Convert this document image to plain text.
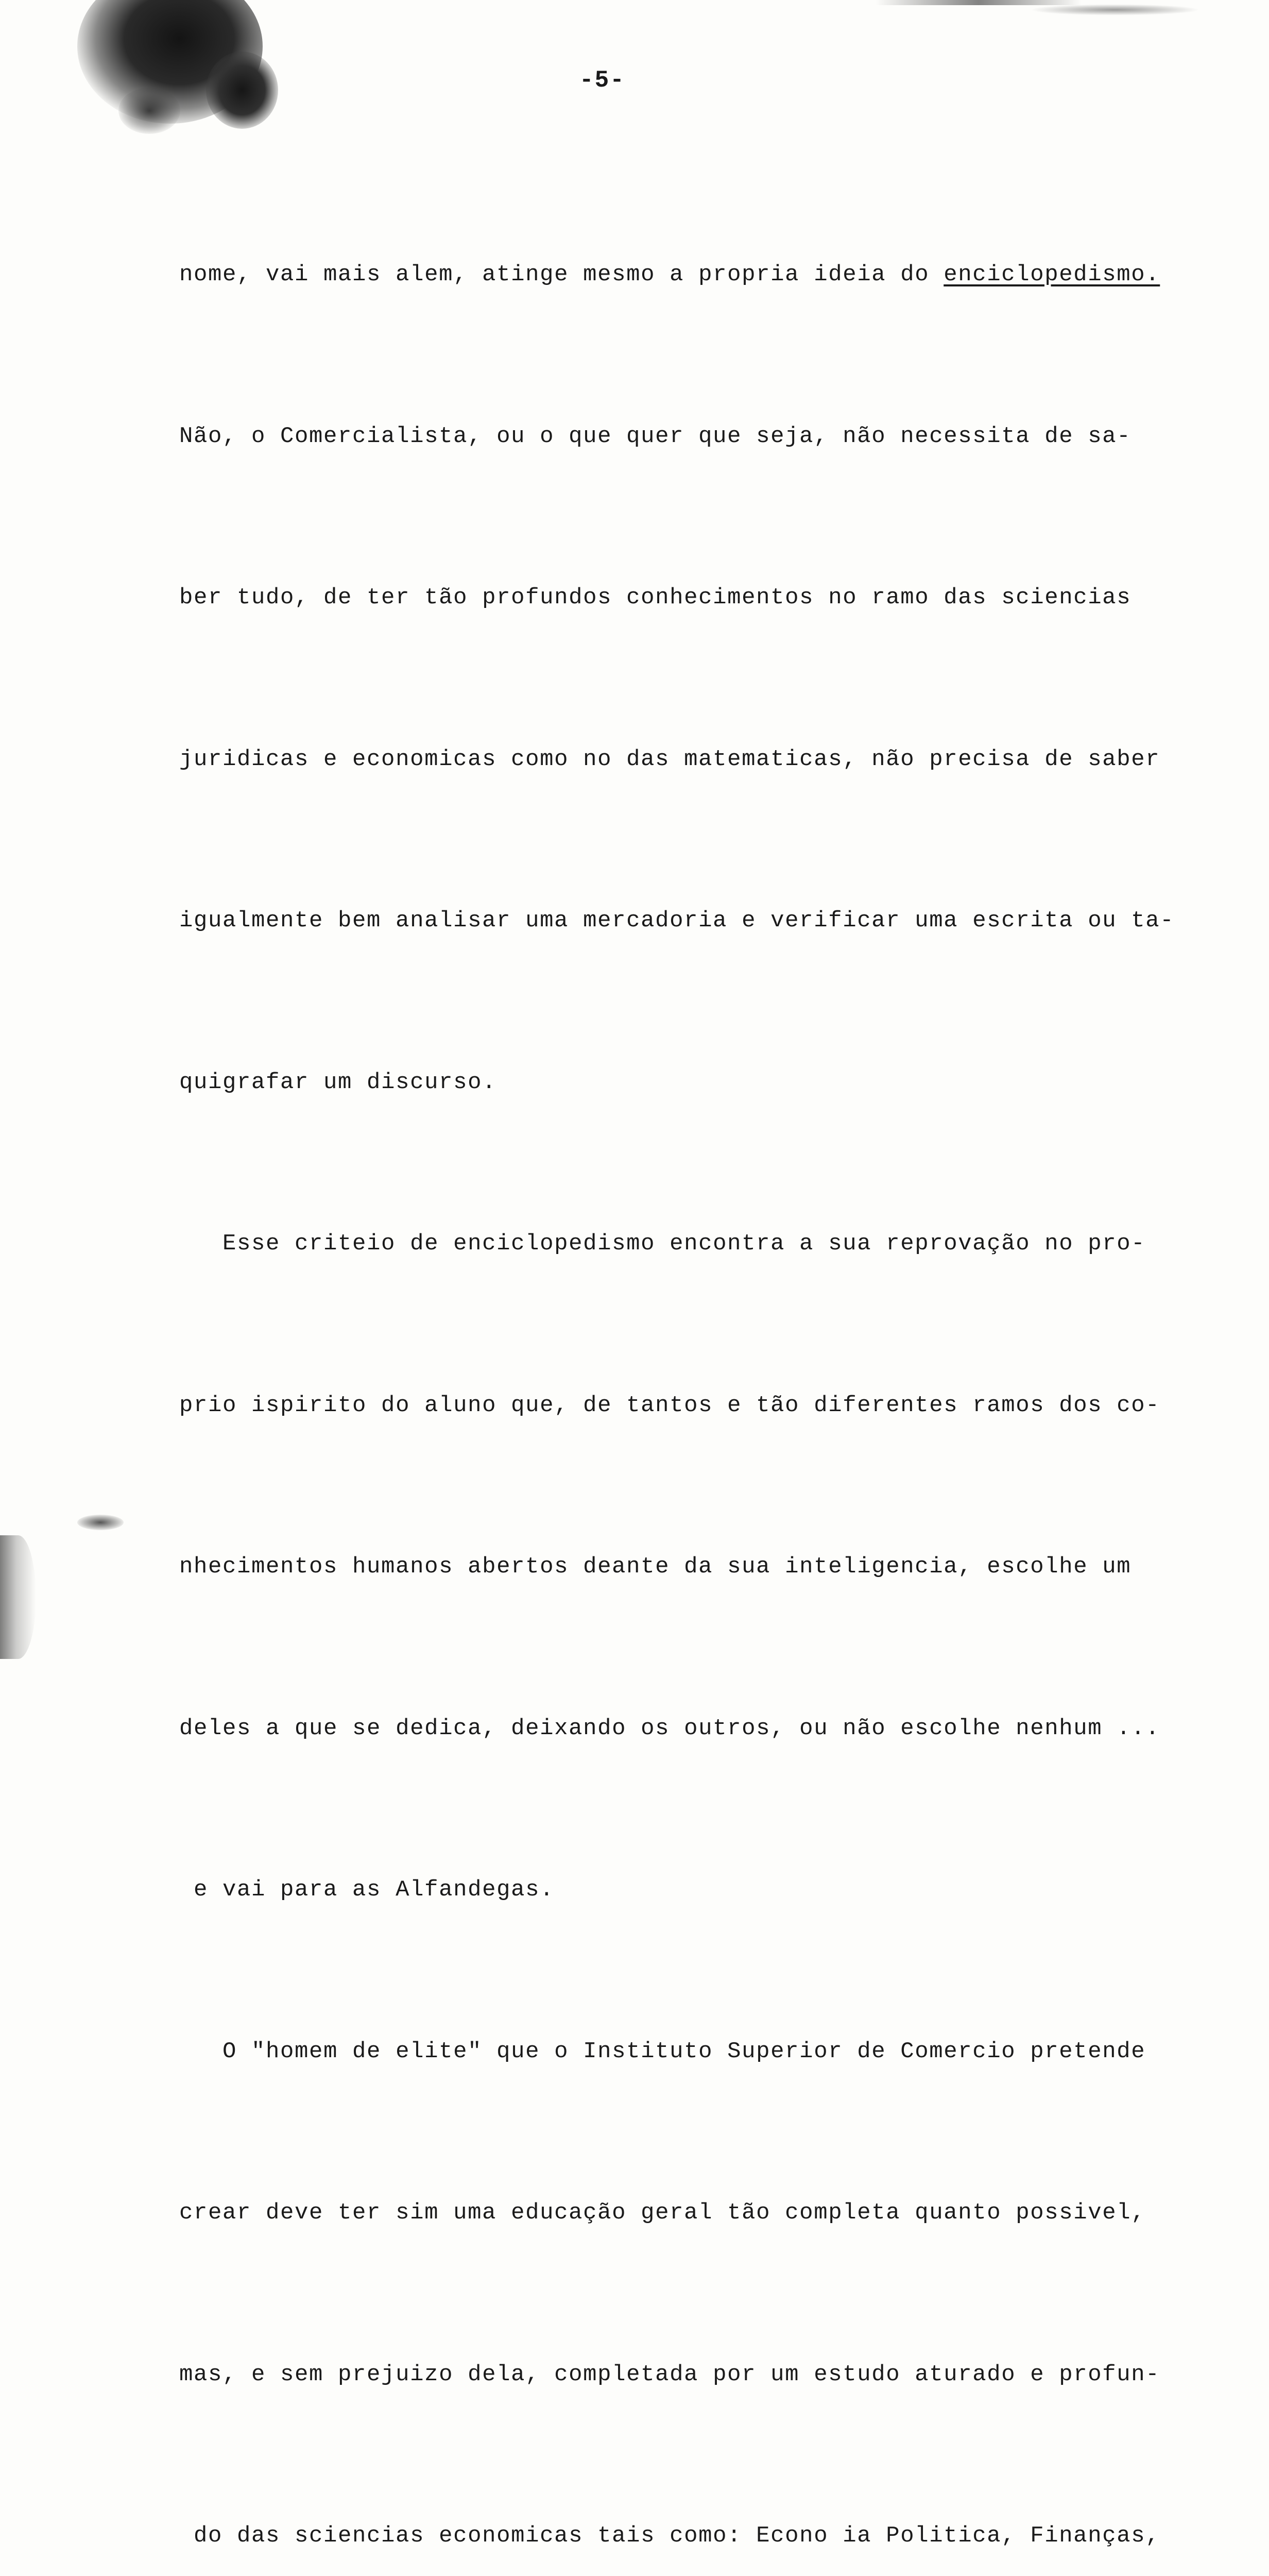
-5-

nome, vai mais alem, atinge mesmo a propria ideia do enciclopedismo.

Não, o Comercialista, ou o que quer que seja, não necessita de sa-

ber tudo, de ter tão profundos conhecimentos no ramo das sciencias

juridicas e economicas como no das matematicas, não precisa de saber

igualmente bem analisar uma mercadoria e verificar uma escrita ou ta-

quigrafar um discurso.

Esse criteio de enciclopedismo encontra a sua reprovação no pro-

prio ispirito do aluno que, de tantos e tão diferentes ramos dos co-

nhecimentos humanos abertos deante da sua inteligencia, escolhe um

deles a que se dedica, deixando os outros, ou não escolhe nenhum ...

e vai para as Alfandegas.

O "homem de elite" que o Instituto Superior de Comercio pretende

crear deve ter sim uma educação geral tão completa quanto possivel,

mas, e sem prejuizo dela, completada por um estudo aturado e profun-

do das sciencias economicas tais como: Econo ia Politica, Finanças,
